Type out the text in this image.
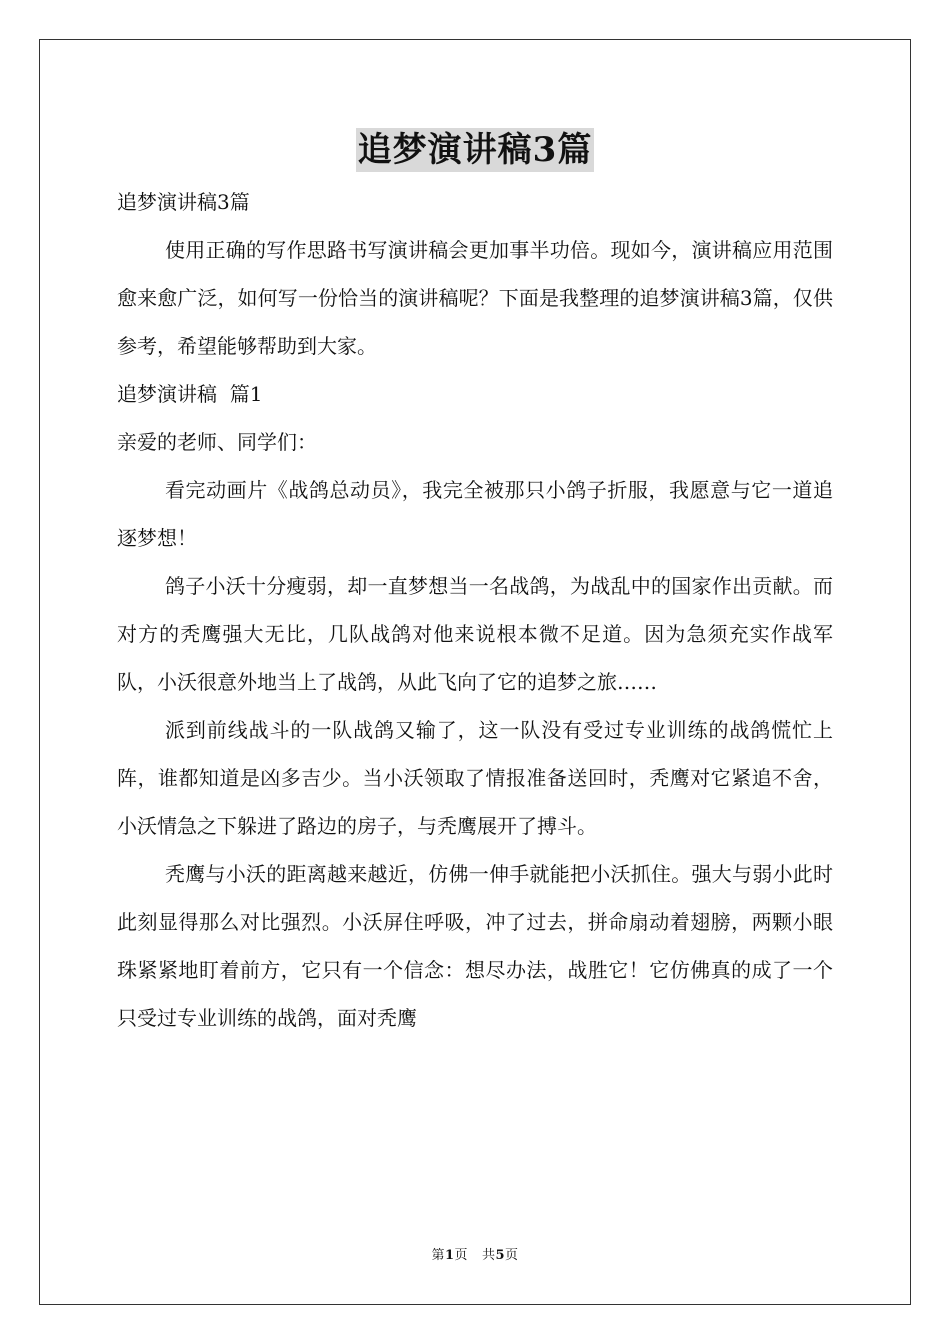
追梦演讲稿3篇

追梦演讲稿3篇

使用正确的写作思路书写演讲稿会更加事半功倍。现如今，演讲稿应用范围愈来愈广泛，如何写一份恰当的演讲稿呢？下面是我整理的追梦演讲稿3篇，仅供参考，希望能够帮助到大家。

追梦演讲稿  篇1

亲爱的老师、同学们：

看完动画片《战鸽总动员》，我完全被那只小鸽子折服，我愿意与它一道追逐梦想！

鸽子小沃十分瘦弱，却一直梦想当一名战鸽，为战乱中的国家作出贡献。而对方的秃鹰强大无比，几队战鸽对他来说根本微不足道。因为急须充实作战军队，小沃很意外地当上了战鸽，从此飞向了它的追梦之旅……

派到前线战斗的一队战鸽又输了，这一队没有受过专业训练的战鸽慌忙上阵，谁都知道是凶多吉少。当小沃领取了情报准备送回时，秃鹰对它紧追不舍，小沃情急之下躲进了路边的房子，与秃鹰展开了搏斗。

秃鹰与小沃的距离越来越近，仿佛一伸手就能把小沃抓住。强大与弱小此时此刻显得那么对比强烈。小沃屏住呼吸，冲了过去，拼命扇动着翅膀，两颗小眼珠紧紧地盯着前方，它只有一个信念：想尽办法，战胜它！它仿佛真的成了一个只受过专业训练的战鸽，面对秃鹰

第1页 共5页
